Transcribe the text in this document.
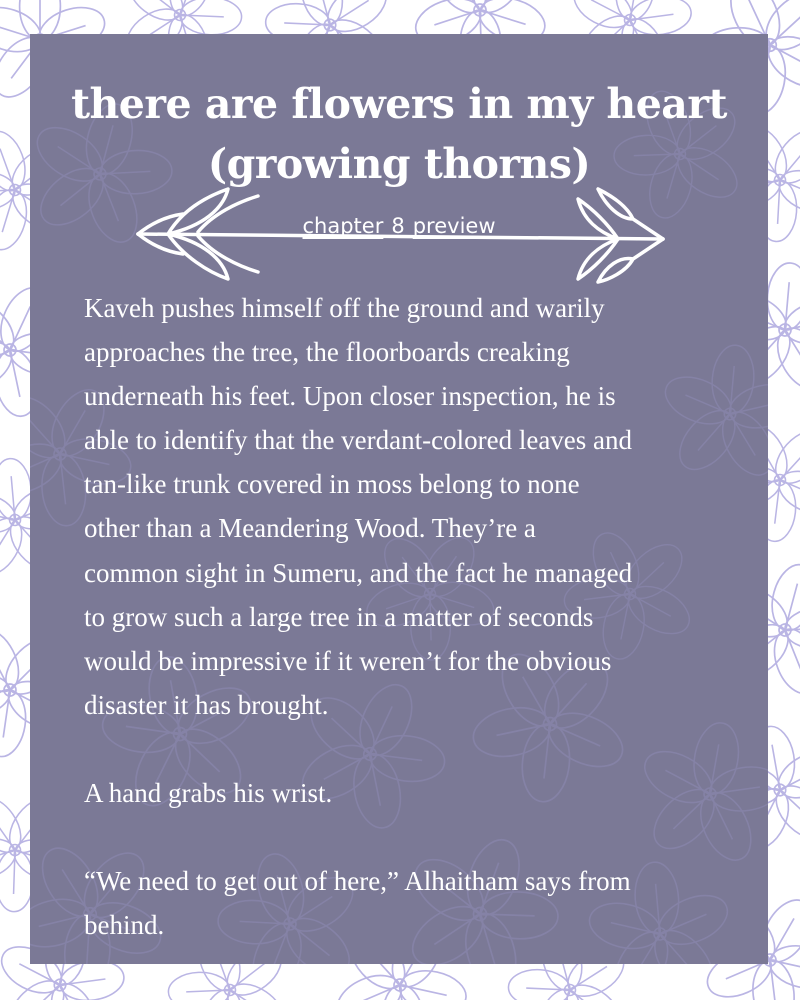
there are flowers in my heart
(growing thorns)
chapter 8 preview
Kaveh pushes himself off the ground and warily
approaches the tree, the floorboards creaking
underneath his feet. Upon closer inspection, he is
able to identify that the verdant-colored leaves and
tan-like trunk covered in moss belong to none
other than a Meandering Wood. They’re a
common sight in Sumeru, and the fact he managed
to grow such a large tree in a matter of seconds
would be impressive if it weren’t for the obvious
disaster it has brought.
A hand grabs his wrist.
“We need to get out of here,” Alhaitham says from
behind.
